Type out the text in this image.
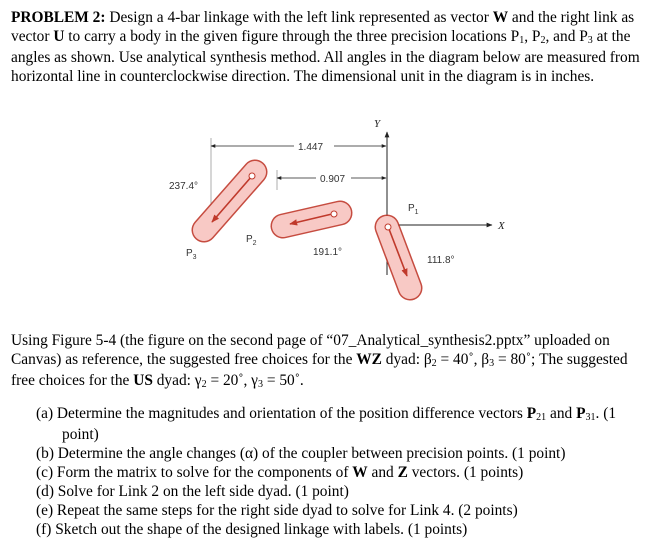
PROBLEM 2: Design a 4-bar linkage with the left link represented as vector W and the right link as vector U to carry a body in the given figure through the three precision locations $P_1$, $P_2$, and $P_3$ at the angles as shown. Use analytical synthesis method. All angles in the diagram below are measured from horizontal line in counterclockwise direction. The dimensional unit in the diagram is in inches.

Y
X
1.447
0.907
237.4°
191.1°
111.8°
$P_3$
$P_2$
$P_1$

Using Figure 5-4 (the figure on the second page of “07_Analytical_synthesis2.pptx” uploaded on Canvas) as reference, the suggested free choices for the WZ dyad: $\beta_2$ = 40˚, $\beta_3$ = 80˚; The suggested free choices for the US dyad: $\gamma_2$ = 20˚, $\gamma_3$ = 50˚.

(a) Determine the magnitudes and orientation of the position difference vectors $P_{21}$ and $P_{31}$. (1 point)
(b) Determine the angle changes (α) of the coupler between precision points. (1 point)
(c) Form the matrix to solve for the components of W and Z vectors. (1 points)
(d) Solve for Link 2 on the left side dyad. (1 point)
(e) Repeat the same steps for the right side dyad to solve for Link 4. (2 points)
(f) Sketch out the shape of the designed linkage with labels. (1 points)
